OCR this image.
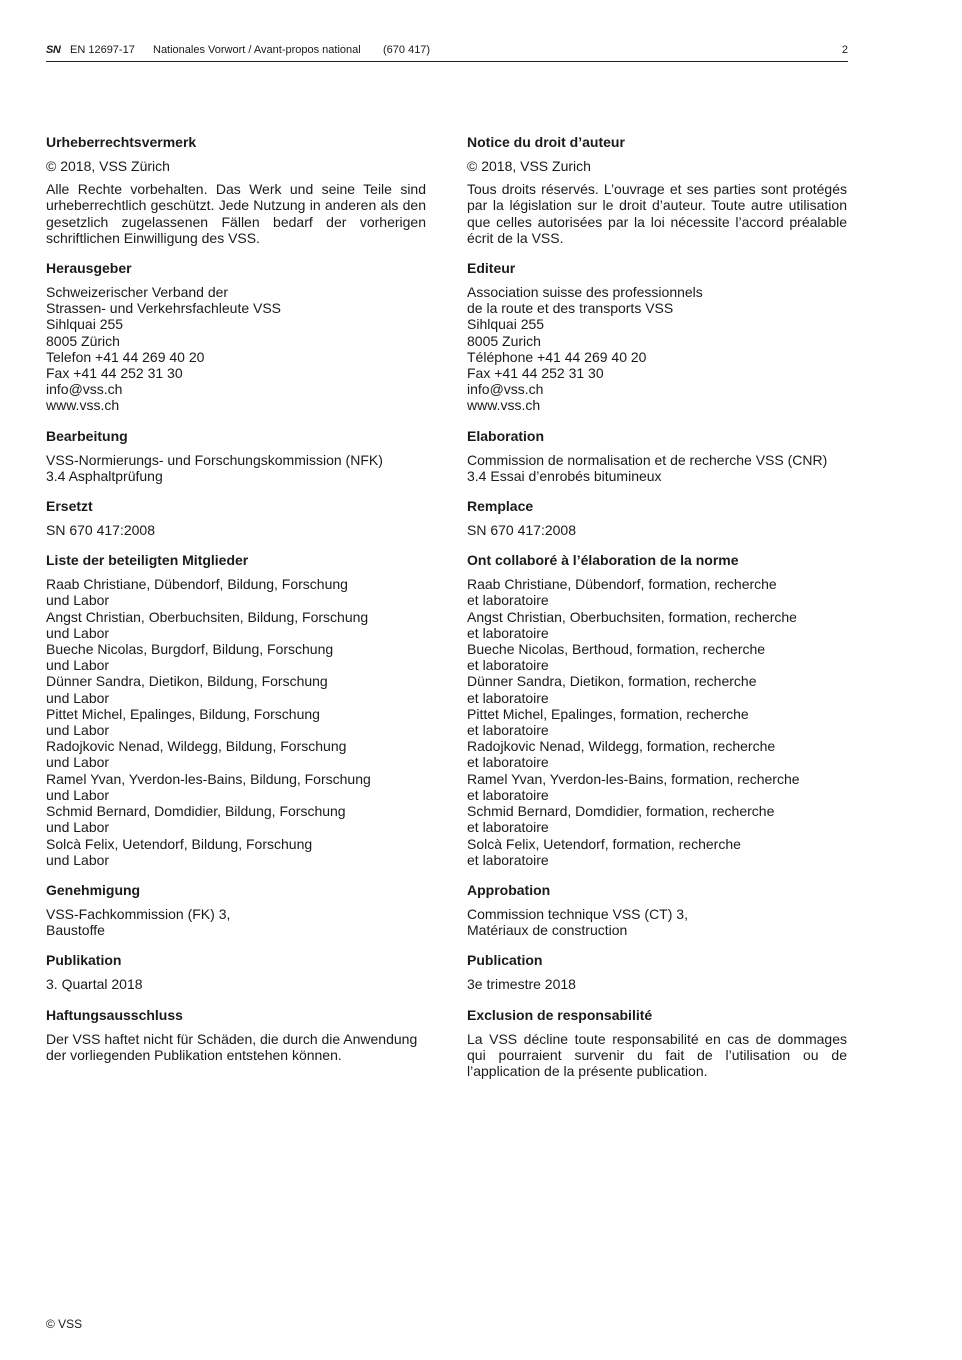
SN EN 12697-17 Nationales Vorwort / Avant-propos national (670 417)	2
Urheberrechtsvermerk

© 2018, VSS Zürich

Alle Rechte vorbehalten. Das Werk und seine Teile sind urheberrechtlich geschützt. Jede Nutzung in anderen als den gesetzlich zugelassenen Fällen bedarf der vorherigen schriftlichen Einwilligung des VSS.

Herausgeber

Schweizerischer Verband der

Strassen- und Verkehrsfachleute VSS

Sihlquai 255

8005 Zürich

Telefon +41 44 269 40 20

Fax +41 44 252 31 30

info@vss.ch

www.vss.ch

Bearbeitung

VSS-Normierungs- und Forschungskommission (NFK)

3.4 Asphaltprüfung

Ersetzt

SN 670 417:2008

Liste der beteiligten Mitglieder

Raab Christiane, Dübendorf, Bildung, Forschung

und Labor

Angst Christian, Oberbuchsiten, Bildung, Forschung

und Labor

Bueche Nicolas, Burgdorf, Bildung, Forschung

und Labor

Dünner Sandra, Dietikon, Bildung, Forschung

und Labor

Pittet Michel, Epalinges, Bildung, Forschung

und Labor

Radojkovic Nenad, Wildegg, Bildung, Forschung

und Labor

Ramel Yvan, Yverdon-les-Bains, Bildung, Forschung

und Labor

Schmid Bernard, Domdidier, Bildung, Forschung

und Labor

Solcà Felix, Uetendorf, Bildung, Forschung

und Labor

Genehmigung

VSS-Fachkommission (FK) 3,

Baustoffe

Publikation

3. Quartal 2018

Haftungsausschluss

Der VSS haftet nicht für Schäden, die durch die Anwendung

der vorliegenden Publikation entstehen können.

Notice du droit d’auteur

© 2018, VSS Zurich

Tous droits réservés. L’ouvrage et ses parties sont protégés par la législation sur le droit d’auteur. Toute autre utilisation que celles autorisées par la loi nécessite l’accord préalable écrit de la VSS.

Editeur

Association suisse des professionnels

de la route et des transports VSS

Sihlquai 255

8005 Zurich

Téléphone +41 44 269 40 20

Fax +41 44 252 31 30

info@vss.ch

www.vss.ch

Elaboration

Commission de normalisation et de recherche VSS (CNR)

3.4 Essai d’enrobés bitumineux

Remplace

SN 670 417:2008

Ont collaboré à l’élaboration de la norme

Raab Christiane, Dübendorf, formation, recherche

et laboratoire

Angst Christian, Oberbuchsiten, formation, recherche

et laboratoire

Bueche Nicolas, Berthoud, formation, recherche

et laboratoire

Dünner Sandra, Dietikon, formation, recherche

et laboratoire

Pittet Michel, Epalinges, formation, recherche

et laboratoire

Radojkovic Nenad, Wildegg, formation, recherche

et laboratoire

Ramel Yvan, Yverdon-les-Bains, formation, recherche

et laboratoire

Schmid Bernard, Domdidier, formation, recherche

et laboratoire

Solcà Felix, Uetendorf, formation, recherche

et laboratoire

Approbation

Commission technique VSS (CT) 3,

Matériaux de construction

Publication

3e trimestre 2018

Exclusion de responsabilité

La VSS décline toute responsabilité en cas de dommages qui pourraient survenir du fait de l’utilisation ou de l’application de la présente publication.

© VSS
